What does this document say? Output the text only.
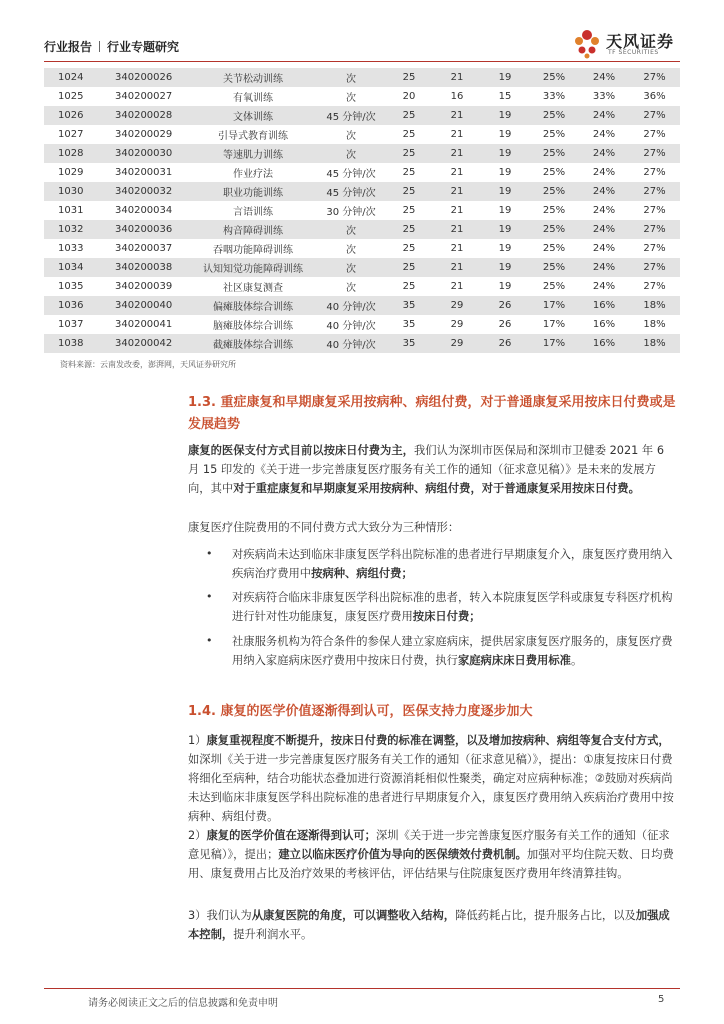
行业报告 行业专题研究	天风证券
TF SECURITIES
1024	340200026	关节松动训练	次	25	21	19	25%	24%	27%
1025	340200027	有氧训练	次	20	16	15	33%	33%	36%
1026	340200028	文体训练	45 分钟/次	25	21	19	25%	24%	27%
1027	340200029	引导式教育训练	次	25	21	19	25%	24%	27%
1028	340200030	等速肌力训练	次	25	21	19	25%	24%	27%
1029	340200031	作业疗法	45 分钟/次	25	21	19	25%	24%	27%
1030	340200032	职业功能训练	45 分钟/次	25	21	19	25%	24%	27%
1031	340200034	言语训练	30 分钟/次	25	21	19	25%	24%	27%
1032	340200036	构音障碍训练	次	25	21	19	25%	24%	27%
1033	340200037	吞咽功能障碍训练	次	25	21	19	25%	24%	27%
1034	340200038	认知知觉功能障碍训练	次	25	21	19	25%	24%	27%
1035	340200039	社区康复测查	次	25	21	19	25%	24%	27%
1036	340200040	偏瘫肢体综合训练	40 分钟/次	35	29	26	17%	16%	18%
1037	340200041	脑瘫肢体综合训练	40 分钟/次	35	29	26	17%	16%	18%
1038	340200042	截瘫肢体综合训练	40 分钟/次	35	29	26	17%	16%	18%
资料来源：云南发改委，澎湃网，天风证券研究所
1.3. 重症康复和早期康复采用按病种、病组付费，对于普通康复采用按床日付费或是发展趋势
康复的医保支付方式目前以按床日付费为主，我们认为深圳市医保局和深圳市卫健委 2021 年 6 月 15 印发的《关于进一步完善康复医疗服务有关工作的通知（征求意见稿）》是未来的发展方向，其中对于重症康复和早期康复采用按病种、病组付费，对于普通康复采用按床日付费。
康复医疗住院费用的不同付费方式大致分为三种情形：
• 对疾病尚未达到临床非康复医学科出院标准的患者进行早期康复介入，康复医疗费用纳入疾病治疗费用中按病种、病组付费；
• 对疾病符合临床非康复医学科出院标准的患者，转入本院康复医学科或康复专科医疗机构进行针对性功能康复，康复医疗费用按床日付费；
• 社康服务机构为符合条件的参保人建立家庭病床，提供居家康复医疗服务的，康复医疗费用纳入家庭病床医疗费用中按床日付费，执行家庭病床床日费用标准。
1.4. 康复的医学价值逐渐得到认可，医保支持力度逐步加大
1）康复重视程度不断提升，按床日付费的标准在调整，以及增加按病种、病组等复合支付方式，如深圳《关于进一步完善康复医疗服务有关工作的通知（征求意见稿）》，提出：①康复按床日付费将细化至病种，结合功能状态叠加进行资源消耗相似性聚类，确定对应病种标准；②鼓励对疾病尚未达到临床非康复医学科出院标准的患者进行早期康复介入，康复医疗费用纳入疾病治疗费用中按病种、病组付费。
2）康复的医学价值在逐渐得到认可；深圳《关于进一步完善康复医疗服务有关工作的通知（征求意见稿）》，提出；建立以临床医疗价值为导向的医保绩效付费机制。加强对平均住院天数、日均费用、康复费用占比及治疗效果的考核评估，评估结果与住院康复医疗费用年终清算挂钩。
3）我们认为从康复医院的角度，可以调整收入结构，降低药耗占比，提升服务占比，以及加强成本控制，提升利润水平。
请务必阅读正文之后的信息披露和免责申明	5
